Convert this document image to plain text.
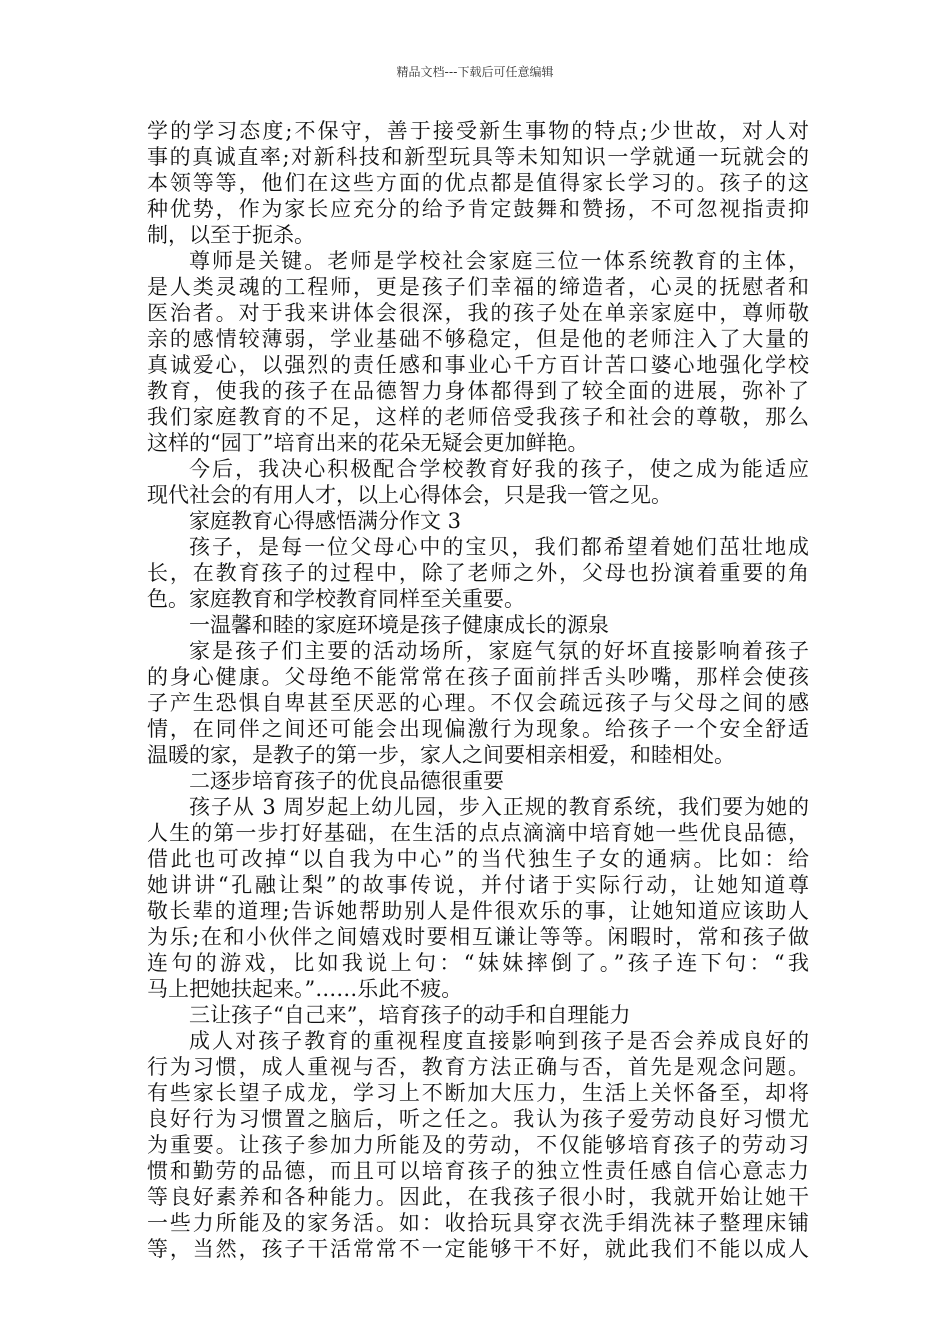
精品文档---下载后可任意编辑
学的学习态度;不保守，善于接受新生事物的特点;少世故，对人对
事的真诚直率;对新科技和新型玩具等未知知识一学就通一玩就会的
本领等等，他们在这些方面的优点都是值得家长学习的。孩子的这
种优势，作为家长应充分的给予肯定鼓舞和赞扬，不可忽视指责抑
制，以至于扼杀。
尊师是关键。老师是学校社会家庭三位一体系统教育的主体，
是人类灵魂的工程师，更是孩子们幸福的缔造者，心灵的抚慰者和
医治者。对于我来讲体会很深，我的孩子处在单亲家庭中，尊师敬
亲的感情较薄弱，学业基础不够稳定，但是他的老师注入了大量的
真诚爱心，以强烈的责任感和事业心千方百计苦口婆心地强化学校
教育，使我的孩子在品德智力身体都得到了较全面的进展，弥补了
我们家庭教育的不足，这样的老师倍受我孩子和社会的尊敬，那么
这样的“园丁”培育出来的花朵无疑会更加鲜艳。
今后，我决心积极配合学校教育好我的孩子，使之成为能适应
现代社会的有用人才，以上心得体会，只是我一管之见。
家庭教育心得感悟满分作文 3
孩子，是每一位父母心中的宝贝，我们都希望着她们茁壮地成
长，在教育孩子的过程中，除了老师之外，父母也扮演着重要的角
色。家庭教育和学校教育同样至关重要。
一温馨和睦的家庭环境是孩子健康成长的源泉
家是孩子们主要的活动场所，家庭气氛的好坏直接影响着孩子
的身心健康。父母绝不能常常在孩子面前拌舌头吵嘴，那样会使孩
子产生恐惧自卑甚至厌恶的心理。不仅会疏远孩子与父母之间的感
情，在同伴之间还可能会出现偏激行为现象。给孩子一个安全舒适
温暖的家，是教子的第一步，家人之间要相亲相爱，和睦相处。
二逐步培育孩子的优良品德很重要
孩子从 3 周岁起上幼儿园，步入正规的教育系统，我们要为她的
人生的第一步打好基础，在生活的点点滴滴中培育她一些优良品德，
借此也可改掉“以自我为中心”的当代独生子女的通病。比如：给
她讲讲“孔融让梨”的故事传说，并付诸于实际行动，让她知道尊
敬长辈的道理;告诉她帮助别人是件很欢乐的事，让她知道应该助人
为乐;在和小伙伴之间嬉戏时要相互谦让等等。闲暇时，常和孩子做
连句的游戏，比如我说上句：“妹妹摔倒了。”孩子连下句：“我
马上把她扶起来。”……乐此不疲。
三让孩子“自己来”，培育孩子的动手和自理能力
成人对孩子教育的重视程度直接影响到孩子是否会养成良好的
行为习惯，成人重视与否，教育方法正确与否，首先是观念问题。
有些家长望子成龙，学习上不断加大压力，生活上关怀备至，却将
良好行为习惯置之脑后，听之任之。我认为孩子爱劳动良好习惯尤
为重要。让孩子参加力所能及的劳动，不仅能够培育孩子的劳动习
惯和勤劳的品德，而且可以培育孩子的独立性责任感自信心意志力
等良好素养和各种能力。因此，在我孩子很小时，我就开始让她干
一些力所能及的家务活。如：收拾玩具穿衣洗手绢洗袜子整理床铺
等，当然，孩子干活常常不一定能够干不好，就此我们不能以成人
